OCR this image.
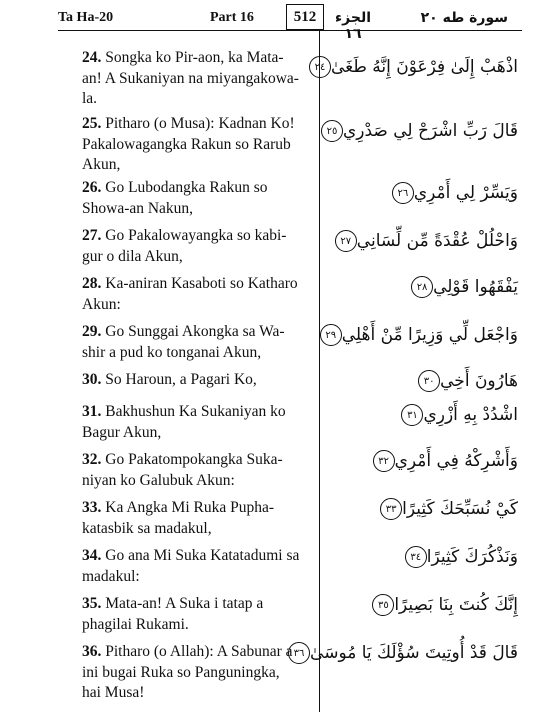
Ta Ha-20	Part 16	512	الجزء ١٦
سورة طه ٢٠
24. Songka ko Pir-aon, ka Mata-an! A Sukaniyan na miyangakowa-la.
اذْهَبْ إِلَىٰ فِرْعَوْنَ إِنَّهُ طَغَىٰ٢٤
25. Pitharo (o Musa): Kadnan Ko! Pakalowagangka Rakun so Rarub Akun,
قَالَ رَبِّ اشْرَحْ لِي صَدْرِي٢٥
26. Go Lubodangka Rakun so Showa-an Nakun,
وَيَسِّرْ لِي أَمْرِي٢٦
27. Go Pakalowayangka so kabi-gur o dila Akun,
وَاحْلُلْ عُقْدَةً مِّن لِّسَانِي٢٧
28. Ka-aniran Kasaboti so Katharo Akun:
يَفْقَهُوا قَوْلِي٢٨
29. Go Sunggai Akongka sa Wa-shir a pud ko tonganai Akun,
وَاجْعَل لِّي وَزِيرًا مِّنْ أَهْلِي٢٩
30. So Haroun, a Pagari Ko,	هَارُونَ أَخِي٣٠
31. Bakhushun Ka Sukaniyan ko Bagur Akun,
اشْدُدْ بِهِ أَزْرِي٣١
32. Go Pakatompokangka Suka-niyan ko Galubuk Akun:
وَأَشْرِكْهُ فِي أَمْرِي٣٢
33. Ka Angka Mi Ruka Pupha-katasbik sa madakul,
كَيْ نُسَبِّحَكَ كَثِيرًا٣٣
34. Go ana Mi Suka Katatadumi sa madakul:
وَنَذْكُرَكَ كَثِيرًا٣٤
35. Mata-an! A Suka i tatap a phagilai Rukami.
إِنَّكَ كُنتَ بِنَا بَصِيرًا٣٥
36. Pitharo (o Allah): A Sabunar a ini bugai Ruka so Panguningka, hai Musa!
قَالَ قَدْ أُوتِيتَ سُؤْلَكَ يَا مُوسَىٰ٣٦
